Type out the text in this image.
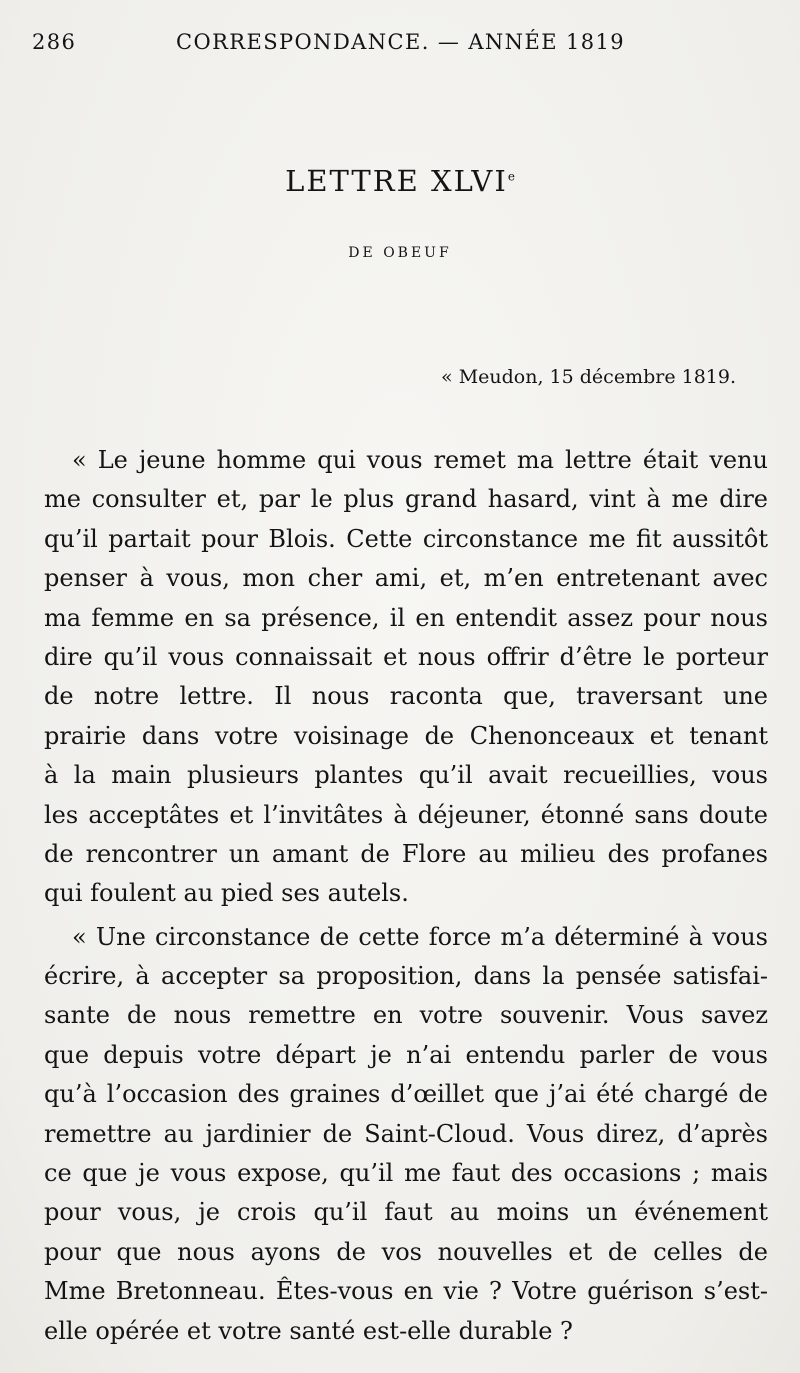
286	CORRESPONDANCE. — ANNÉE 1819
LETTRE XLVIe
DE OBEUF
« Meudon, 15 décembre 1819.
« Le jeune homme qui vous remet ma lettre était venu
me consulter et, par le plus grand hasard, vint à me dire
qu’il partait pour Blois. Cette circonstance me fit aussitôt
penser à vous, mon cher ami, et, m’en entretenant avec
ma femme en sa présence, il en entendit assez pour nous
dire qu’il vous connaissait et nous offrir d’être le porteur
de notre lettre. Il nous raconta que, traversant une
prairie dans votre voisinage de Chenonceaux et tenant
à la main plusieurs plantes qu’il avait recueillies, vous
les acceptâtes et l’invitâtes à déjeuner, étonné sans doute
de rencontrer un amant de Flore au milieu des profanes
qui foulent au pied ses autels.
« Une circonstance de cette force m’a déterminé à vous
écrire, à accepter sa proposition, dans la pensée satisfai-
sante de nous remettre en votre souvenir. Vous savez
que depuis votre départ je n’ai entendu parler de vous
qu’à l’occasion des graines d’œillet que j’ai été chargé de
remettre au jardinier de Saint-Cloud. Vous direz, d’après
ce que je vous expose, qu’il me faut des occasions ; mais
pour vous, je crois qu’il faut au moins un événement
pour que nous ayons de vos nouvelles et de celles de
Mme Bretonneau. Êtes-vous en vie ? Votre guérison s’est-
elle opérée et votre santé est-elle durable ?
